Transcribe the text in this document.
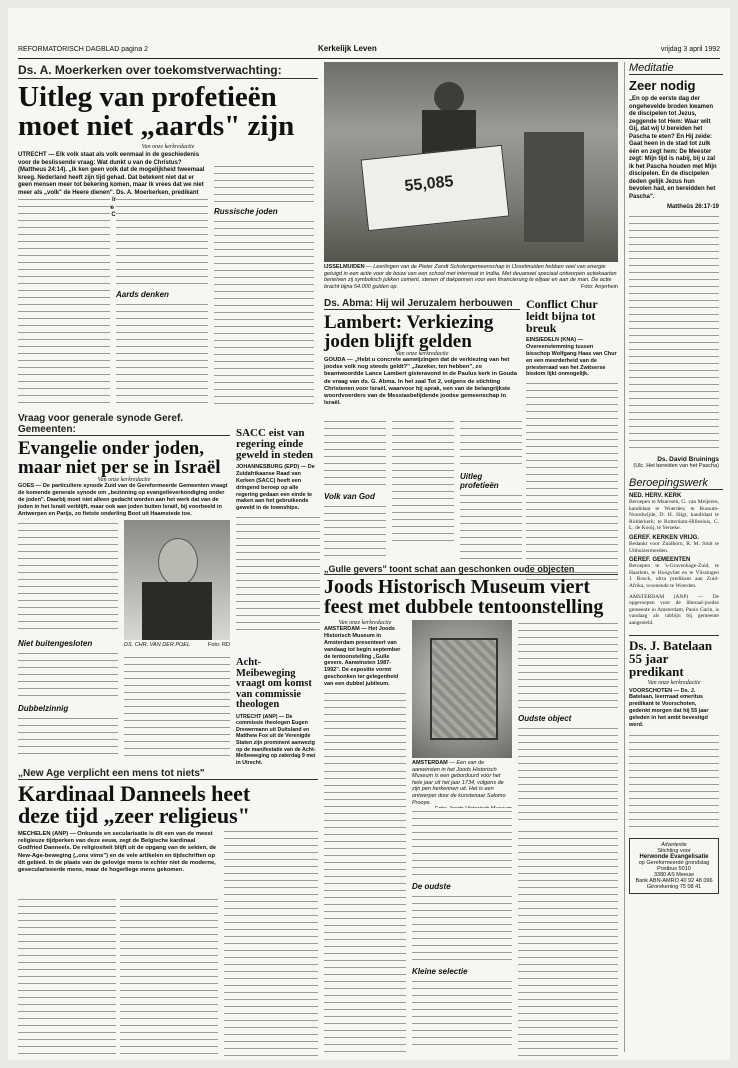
REFORMATORISCH DAGBLAD pagina 2	Kerkelijk Leven	vrijdag 3 april 1992
Ds. A. Moerkerken over toekomstverwachting:
Uitleg van profetieën
moet niet „aards" zijn
Van onze kerkredactie
UTRECHT — Elk volk staat als volk eenmaal in de geschiedenis voor de beslissende vraag: Wat dunkt u van de Christus? (Mattheus 24:14). „Ik ken geen volk dat de mogelijkheid tweemaal kreeg. Nederland heeft zijn tijd gehad. Dat betekent niet dat er geen mensen meer tot bekering komen, maar ik vrees dat we niet meer als „volk" de Heere dienen". Ds. A. Moerkerken, predikant in de
Aards denken
Russische joden
55,085
IJSSELMUIDEN — Leerlingen van de Pieter Zandt Scholengemeenschap in IJsselmuiden hebben veel van energie getuigd in een actie voor de bouw van een school met internaat in Indiia. Met deuanwel speciaal ontworpen actiekaarten benelven zij symbolisch jukken cement, stenen of dakpannen voor een financierung te elijaar en aan de man. De actie bracht bijna 54.000 gulden op.	Foto: Anjerhein
Ds. Abma: Hij wil Jeruzalem herbouwen
Lambert: Verkiezing
joden blijft gelden
Van onze kerkredactie
GOUDA — „Hebt u concrete aanwijzingen dat de verkiezing van het joodse volk nog steeds geldt?" „Jazeker, ten hebben", zo beantwoordde Lance Lambert gisteravond in de Paulus kerk in Gouda de vraag van ds. G. Abma. In het zaal Tot 2, volgens de stichting Christenen voor Israël, waarvoor hij sprak, een van de belangrijkste woordvoerders van de Messiasbelijdende joodse gemeenschap in Israël.
Volk van God
Uitleg profetieën
Conflict Chur
leidt bijna tot breuk
EINSIEDELN (KNA) — Overeenstemming tussen bisschop Wolfgang Haas van Chur en een meerderheid van de priesterraad van het Zwitserse bisdom lijkt onmogelijk.
Vraag voor generale synode Geref. Gemeenten:
Evangelie onder joden,
maar niet per se in Israël
Van onze kerkredactie
GOES — De particuliere synode Zuid van de Gereformeerde Gemeenten vraagt de komende generale synode om „bezinning op evangelieverkondiging onder de joden". Daarbij moet niet alleen gedacht worden aan het werk dat van de joden in het Israël verblijft, maar ook aan joden buiten Israël, bij voorbeeld in Antwerpen en Parijs, zo fietste onderling Boot uit Haamstede toe.
Niet buitengesloten
Dubbelzinnig
DS. CHR. VAN DER POEL	Foto: RD
SACC eist van regering einde geweld in steden
JOHANNESBURG (EPD) — De Zuidafrikaanse Raad van Kerken (SACC) heeft een dringend beroep op alle regering gedaan een einde te maken aan het gebruikende geweld in de townships.
Acht-Meibeweging vraagt om komst van commissie theologen
UTRECHT (ANP) — De commissie theologen Eugen Drewermann uit Duitsland en Matthew Fox uit de Verenigde Staten zijn prominent aanwezig op de manifestatie van de Acht-Meibeweging op zaterdag 9 mei in Utrecht.
„Gulle gevers" toont schat aan geschonken oude objecten
Joods Historisch Museum viert
feest met dubbele tentoonstelling
Van onze kerkredactie
AMSTERDAM — Het Joods Historisch Museum in Amsterdam presenteert van vandaag tot begin september de tentoonstelling „Gulle gevers. Aanwinsten 1987-1992". De expositie vormt geschonken ter gelegenheid van een dubbel jubileum.
AMSTERDAM — Een van de aanwinsten in het Joods Historisch Museum is een geborduurd voor het hele jaar uit het jaar 1734, volgens de zijn pen herkennen uit. Het is een ontwerper door de kunstenaar Salomo Prooye.
Oudste object
De oudste
Kleine selectie
„New Age verplicht een mens tot niets"
Kardinaal Danneels heet
deze tijd „zeer religieus"
MECHELEN (ANP) — Onkunde en secularisatie is dit een van de meest religieuze tijdperken van deze eeuw, zegt de Belgische kardinaal Godfried Danneels. De religiositeit blijft uit de opgang van de sekten, de New-Age-beweging (,,ons vims") en de vele artikelen en tijdschriften op dit gebied. In de plaats van de gelovige mens is echter niet de moderne, geseculariseerde mens, maar de hogerliege mens gekomen.
Meditatie
Zeer nodig
„En op de eerste dag der ongehevelde broden kwamen de discipelen tot Jezus, zeggende tot Hem: Waar wilt Gij, dat wij U bereiden het Pascha te eten? En Hij zeide: Gaat heen in de stad tot zulk één en zegt hem: De Meester zegt: Mijn tijd is nabij, bij u zal ik het Pascha houden met Mijn discipelen. En de discipelen deden gelijk Jezus hun bevolen had, en bereidden het Pascha".
Mattheüs 26:17-19
Ds. David Bruinings
(Ulc. Het bereiden van het Pascha)
Beroepingswerk
NED. HERV. KERK
Beroepen te Maarssen, G. van Meijeren, kandidaat te Woerden; te Bussum-Noordwijde, D. H. Sligt, kandidaat te Ridderkerk; te Rotterdam-Hillesluis, C. L. de Kooij, te Yerseke.
GEREF. KERKEN VRIJG.
Bedankt voor Zuidhorn, R. M. Smit te Uithuizermeeden.
GEREF. GEMEENTEN
Beroepen te 's-Gravenhage-Zuid, te Haarlem, te Hoogvliet en te Vlissingen J. Bosch, ultra predikant aan Zuid-Afrika, woonende te Woerden.
AMSTERDAM (ANP) — De opgeroepen voor de liberaal-joodse gemeente in Amsterdam, Paolo Garin, is vandaag als rabbijn bij gemeente aangesteld.
Ds. J. Batelaan
55 jaar predikant
Van onze kerkredactie
VOORSCHOTEN — Ds. J. Batelaan, leerrraad emeritus predikant te Voorschoten, gedenkt morgen dat hij 55 jaar geleden in het ambt bevestigd werd.
Advertentie
Stichting voor
Herwonde Evangelisatie
op Gereformeerde grondslag
Postbus 5010
3380 AS Meeuw
Bank ABN-AMRO 40 92 48 096
Girorekening 75 08 41
